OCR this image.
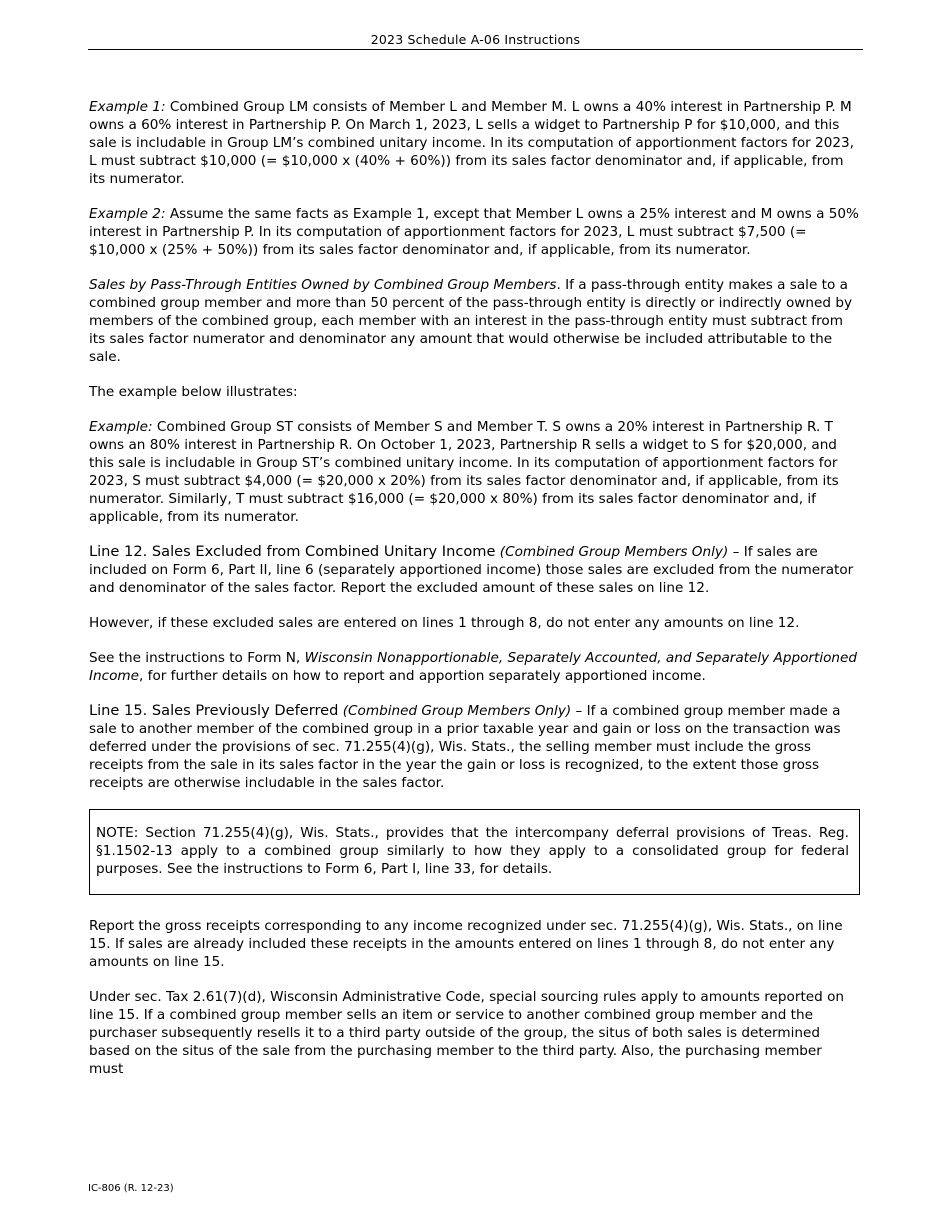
2023 Schedule A-06 Instructions

Example 1: Combined Group LM consists of Member L and Member M. L owns a 40% interest in Partnership P. M owns a 60% interest in Partnership P. On March 1, 2023, L sells a widget to Partnership P for $10,000, and this sale is includable in Group LM’s combined unitary income. In its computation of apportionment factors for 2023, L must subtract $10,000 (= $10,000 x (40% + 60%)) from its sales factor denominator and, if applicable, from its numerator.

Example 2: Assume the same facts as Example 1, except that Member L owns a 25% interest and M owns a 50% interest in Partnership P. In its computation of apportionment factors for 2023, L must subtract $7,500 (= $10,000 x (25% + 50%)) from its sales factor denominator and, if applicable, from its numerator.

Sales by Pass-Through Entities Owned by Combined Group Members. If a pass-through entity makes a sale to a combined group member and more than 50 percent of the pass-through entity is directly or indirectly owned by members of the combined group, each member with an interest in the pass-through entity must subtract from its sales factor numerator and denominator any amount that would otherwise be included attributable to the sale.

The example below illustrates:

Example: Combined Group ST consists of Member S and Member T. S owns a 20% interest in Partnership R. T owns an 80% interest in Partnership R. On October 1, 2023, Partnership R sells a widget to S for $20,000, and this sale is includable in Group ST’s combined unitary income. In its computation of apportionment factors for 2023, S must subtract $4,000 (= $20,000 x 20%) from its sales factor denominator and, if applicable, from its numerator. Similarly, T must subtract $16,000 (= $20,000 x 80%) from its sales factor denominator and, if applicable, from its numerator.

Line 12. Sales Excluded from Combined Unitary Income (Combined Group Members Only) – If sales are included on Form 6, Part II, line 6 (separately apportioned income) those sales are excluded from the numerator and denominator of the sales factor. Report the excluded amount of these sales on line 12.

However, if these excluded sales are entered on lines 1 through 8, do not enter any amounts on line 12.

See the instructions to Form N, Wisconsin Nonapportionable, Separately Accounted, and Separately Apportioned Income, for further details on how to report and apportion separately apportioned income.

Line 15. Sales Previously Deferred (Combined Group Members Only) – If a combined group member made a sale to another member of the combined group in a prior taxable year and gain or loss on the transaction was deferred under the provisions of sec. 71.255(4)(g), Wis. Stats., the selling member must include the gross receipts from the sale in its sales factor in the year the gain or loss is recognized, to the extent those gross receipts are otherwise includable in the sales factor.

NOTE: Section 71.255(4)(g), Wis. Stats., provides that the intercompany deferral provisions of Treas. Reg. §1.1502-13 apply to a combined group similarly to how they apply to a consolidated group for federal purposes. See the instructions to Form 6, Part I, line 33, for details.

Report the gross receipts corresponding to any income recognized under sec. 71.255(4)(g), Wis. Stats., on line 15. If sales are already included these receipts in the amounts entered on lines 1 through 8, do not enter any amounts on line 15.

Under sec. Tax 2.61(7)(d), Wisconsin Administrative Code, special sourcing rules apply to amounts reported on line 15. If a combined group member sells an item or service to another combined group member and the purchaser subsequently resells it to a third party outside of the group, the situs of both sales is determined based on the situs of the sale from the purchasing member to the third party. Also, the purchasing member must

IC-806 (R. 12-23)
